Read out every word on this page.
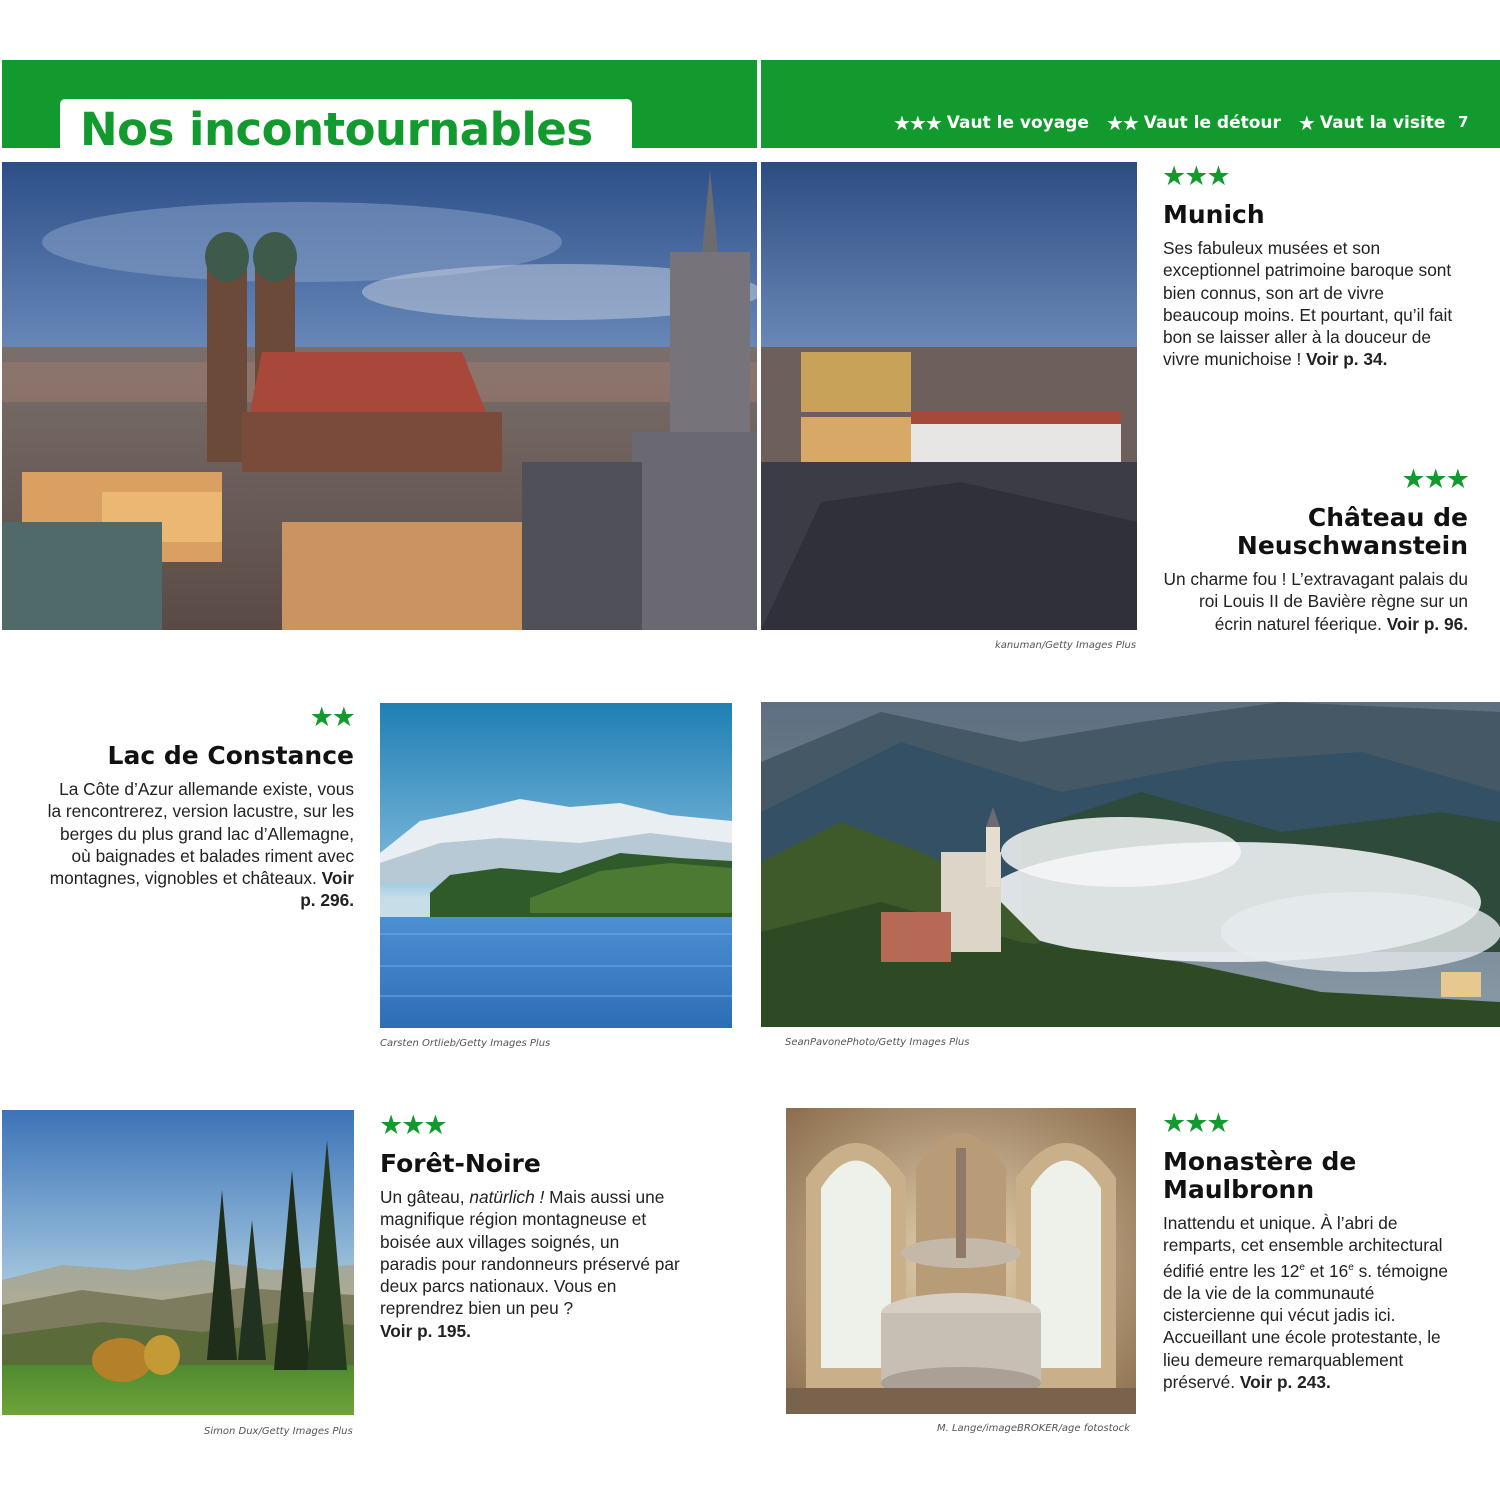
Nos incontournables	★★★ Vaut le voyage ★★ Vaut le détour ★ Vaut la visite 7
kanuman/Getty Images Plus
★★★
Munich
Ses fabuleux musées et son exceptionnel patrimoine baroque sont bien connus, son art de vivre beaucoup moins. Et pourtant, qu’il fait bon se laisser aller à la douceur de vivre munichoise ! Voir p. 34.
★★★
Château de Neuschwanstein
Un charme fou ! L’extravagant palais du roi Louis II de Bavière règne sur un écrin naturel féerique. Voir p. 96.
★★
Lac de Constance
La Côte d’Azur allemande existe, vous la rencontrerez, version lacustre, sur les berges du plus grand lac d’Allemagne, où baignades et balades riment avec montagnes, vignobles et châteaux. Voir p. 296.
Carsten Ortlieb/Getty Images Plus	SeanPavonePhoto/Getty Images Plus
Simon Dux/Getty Images Plus
★★★
Forêt-Noire
Un gâteau, natürlich ! Mais aussi une magnifique région montagneuse et boisée aux villages soignés, un paradis pour randonneurs préservé par deux parcs nationaux. Vous en reprendrez bien un peu ?
Voir p. 195.
M. Lange/imageBROKER/age fotostock
★★★
Monastère de Maulbronn
Inattendu et unique. À l’abri de remparts, cet ensemble architectural édifié entre les 12e et 16e s. témoigne de la vie de la communauté cistercienne qui vécut jadis ici. Accueillant une école protestante, le lieu demeure remarquablement préservé. Voir p. 243.
